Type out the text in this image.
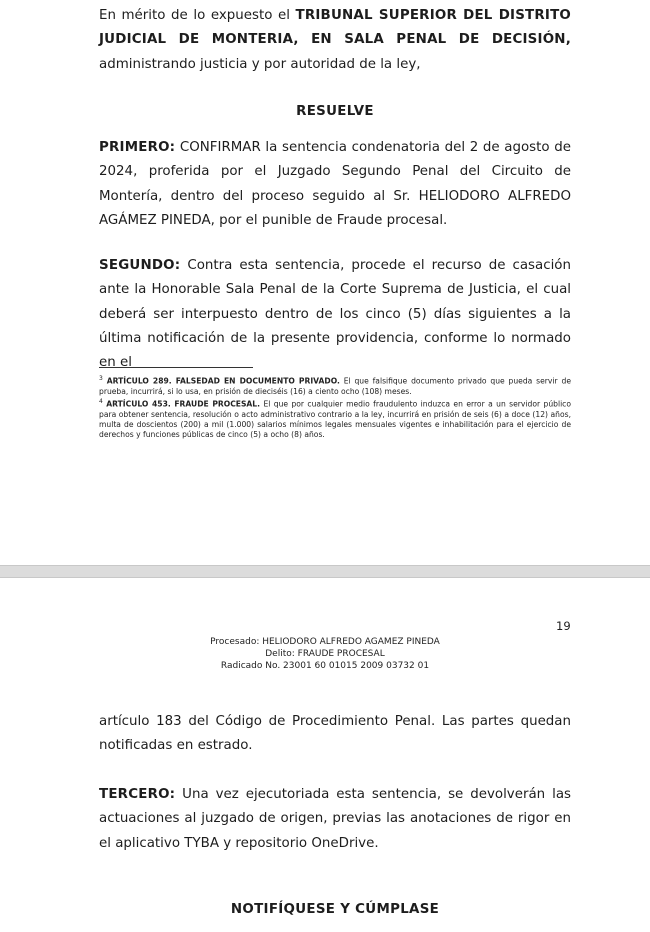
En mérito de lo expuesto el TRIBUNAL SUPERIOR DEL DISTRITO JUDICIAL DE MONTERIA, EN SALA PENAL DE DECISIÓN, administrando justicia y por autoridad de la ley,

RESUELVE

PRIMERO: CONFIRMAR la sentencia condenatoria del 2 de agosto de 2024, proferida por el Juzgado Segundo Penal del Circuito de Montería, dentro del proceso seguido al Sr. HELIODORO ALFREDO AGÁMEZ PINEDA, por el punible de Fraude procesal.

SEGUNDO: Contra esta sentencia, procede el recurso de casación ante la Honorable Sala Penal de la Corte Suprema de Justicia, el cual deberá ser interpuesto dentro de los cinco (5) días siguientes a la última notificación de la presente providencia, conforme lo normado en el

$^3$ ARTÍCULO 289. FALSEDAD EN DOCUMENTO PRIVADO. El que falsifique documento privado que pueda servir de prueba, incurrirá, si lo usa, en prisión de dieciséis (16) a ciento ocho (108) meses.

$^4$ ARTÍCULO 453. FRAUDE PROCESAL. El que por cualquier medio fraudulento induzca en error a un servidor público para obtener sentencia, resolución o acto administrativo contrario a la ley, incurrirá en prisión de seis (6) a doce (12) años, multa de doscientos (200) a mil (1.000) salarios mínimos legales mensuales vigentes e inhabilitación para el ejercicio de derechos y funciones públicas de cinco (5) a ocho (8) años.

19
Procesado: HELIODORO ALFREDO AGAMEZ PINEDA
Delito: FRAUDE PROCESAL
Radicado No. 23001 60 01015 2009 03732 01

artículo 183 del Código de Procedimiento Penal. Las partes quedan notificadas en estrado.

TERCERO: Una vez ejecutoriada esta sentencia, se devolverán las actuaciones al juzgado de origen, previas las anotaciones de rigor en el aplicativo TYBA y repositorio OneDrive.

NOTIFÍQUESE Y CÚMPLASE
